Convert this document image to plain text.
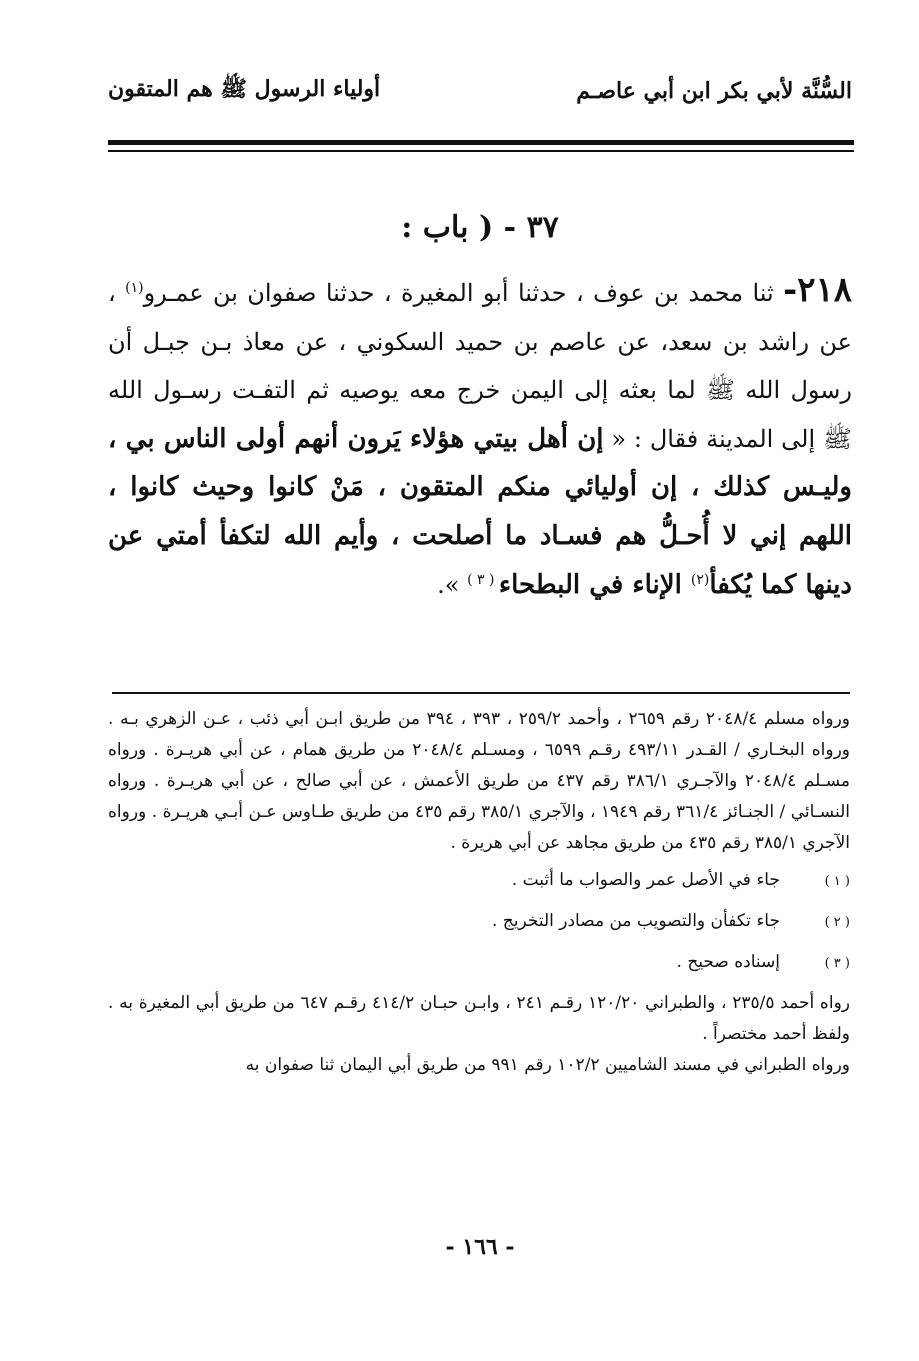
السُّنَّة لأبي بكر ابن أبي عاصـم
أولياء الرسول ﷺ هم المتقون
٣٧ - ( باب :
٢١٨- ثنا محمد بن عوف ، حدثنا أبو المغيرة ، حدثنا صفوان بن عمـرو$^{(١)}$ ، عن راشد بن سعد، عن عاصم بن حميد السكوني ، عن معاذ بـن جبـل أن رسول الله ﷺ لما بعثه إلى اليمن خرج معه يوصيه ثم التفـت رسـول الله ﷺ إلى المدينة فقال : « إن أهل بيتي هؤلاء يَرون أنهم أولى الناس بي ، وليـس كذلك ، إن أوليائي منكم المتقون ، مَنْ كانوا وحيث كانوا ، اللهم إني لا أُحـلُّ هم فسـاد ما أصلحت ، وأيم الله لتكفأ أمتي عن دينها كما يُكفأ$^{(٢)}$ الإناء في البطحاء $^{( ٣ )}$ ».

ورواه مسلم ٢٠٤٨/٤ رقم ٢٦٥٩ ، وأحمد ٢٥٩/٢ ، ٣٩٣ ، ٣٩٤ من طريق ابـن أبي ذئب ، عـن الزهري بـه . ورواه البخـاري / القـدر ٤٩٣/١١ رقـم ٦٥٩٩ ، ومسـلم ٢٠٤٨/٤ من طريق همام ، عن أبي هريـرة . ورواه مسـلم ٢٠٤٨/٤ والآجـري ٣٨٦/١ رقم ٤٣٧ من طريق الأعمش ، عن أبي صالح ، عن أبي هريـرة . ورواه النسـائي / الجنـائز ٣٦١/٤ رقم ١٩٤٩ ، والآجري ٣٨٥/١ رقم ٤٣٥ من طريق طـاوس عـن أبـي هريـرة . ورواه الآجري ٣٨٥/١ رقم ٤٣٥ من طريق مجاهد عن أبي هريرة .

( ١ )
جاء في الأصل عمر والصواب ما أثبت .
( ٢ )
جاء تكفأن والتصويب من مصادر التخريج .
( ٣ )
إسناده صحيح .

رواه أحمد ٢٣٥/٥ ، والطبراني ١٢٠/٢٠ رقـم ٢٤١ ، وابـن حبـان ٤١٤/٢ رقـم ٦٤٧ من طريق أبي المغيرة به . ولفظ أحمد مختصراً .

ورواه الطبراني في مسند الشاميين ١٠٢/٢ رقم ٩٩١ من طريق أبي اليمان ثنا صفوان به

- ١٦٦ -
